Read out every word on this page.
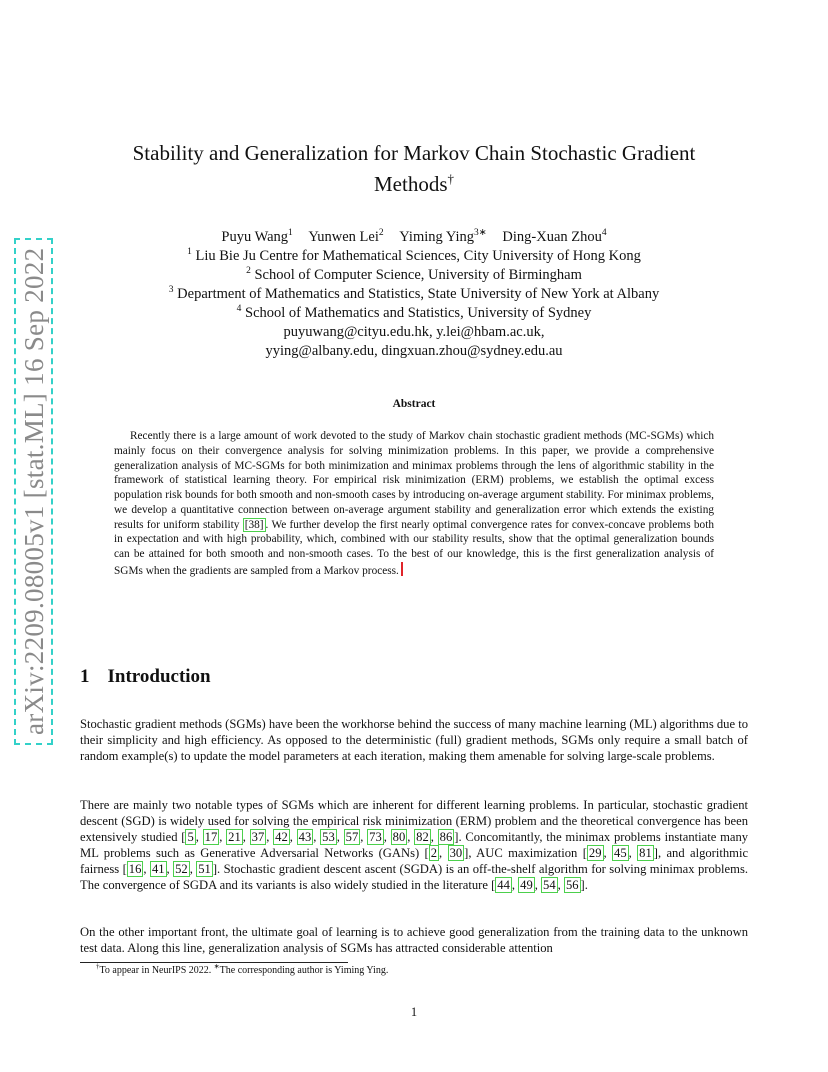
arXiv:2209.08005v1 [stat.ML] 16 Sep 2022
Stability and Generalization for Markov Chain Stochastic Gradient
Methods†
Puyu Wang$^1$ Yunwen Lei$^2$ Yiming Ying$^{3∗}$ Ding-Xuan Zhou$^4$
$^1$ Liu Bie Ju Centre for Mathematical Sciences, City University of Hong Kong
$^2$ School of Computer Science, University of Birmingham
$^3$ Department of Mathematics and Statistics, State University of New York at Albany
$^4$ School of Mathematics and Statistics, University of Sydney
puyuwang@cityu.edu.hk, y.lei@hbam.ac.uk,
yying@albany.edu, dingxuan.zhou@sydney.edu.au
Abstract
Recently there is a large amount of work devoted to the study of Markov chain stochastic gradient methods (MC-SGMs) which mainly focus on their convergence analysis for solving minimization problems. In this paper, we provide a comprehensive generalization analysis of MC-SGMs for both minimization and minimax problems through the lens of algorithmic stability in the framework of statistical learning theory. For empirical risk minimization (ERM) problems, we establish the optimal excess population risk bounds for both smooth and non-smooth cases by introducing on-average argument stability. For minimax problems, we develop a quantitative connection between on-average argument stability and generalization error which extends the existing results for uniform stability [38] . We further develop the first nearly optimal convergence rates for convex-concave problems both in expectation and with high probability, which, combined with our stability results, show that the optimal generalization bounds can be attained for both smooth and non-smooth cases. To the best of our knowledge, this is the first generalization analysis of SGMs when the gradients are sampled from a Markov process.
1 Introduction
Stochastic gradient methods (SGMs) have been the workhorse behind the success of many machine learning (ML) algorithms due to their simplicity and high efficiency. As opposed to the deterministic (full) gradient methods, SGMs only require a small batch of random example(s) to update the model parameters at each iteration, making them amenable for solving large-scale problems.
There are mainly two notable types of SGMs which are inherent for different learning problems. In particular, stochastic gradient descent (SGD) is widely used for solving the empirical risk minimization (ERM) problem and the theoretical convergence has been extensively studied [ 5 , 17 , 21 , 37 , 42 , 43 , 53 , 57 , 73 , 80 , 82 , 86 ]. Concomitantly, the minimax problems instantiate many ML problems such as Generative Adversarial Networks (GANs) [ 2 , 30 ], AUC maximization [ 29 , 45 , 81 ], and algorithmic fairness [ 16 , 41 , 52 , 51 ]. Stochastic gradient descent ascent (SGDA) is an off-the-shelf algorithm for solving minimax problems. The convergence of SGDA and its variants is also widely studied in the literature [ 44 , 49 , 54 , 56 ].
On the other important front, the ultimate goal of learning is to achieve good generalization from the training data to the unknown test data. Along this line, generalization analysis of SGMs has attracted considerable attention
†To appear in NeurIPS 2022. ∗The corresponding author is Yiming Ying.
1
